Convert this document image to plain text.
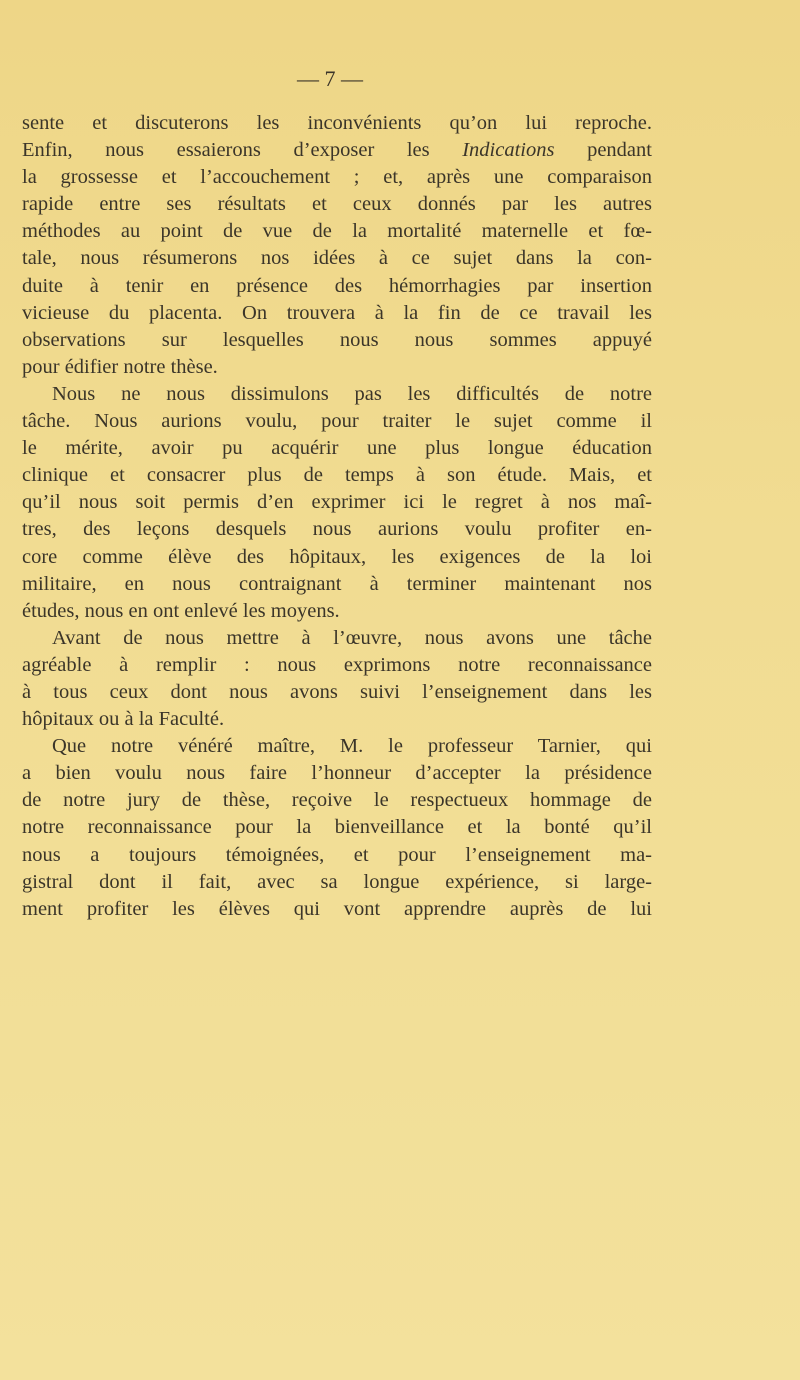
— 7 —
sente et discuterons les inconvénients qu’on lui reproche.
Enfin, nous essaierons d’exposer les Indications pendant
la grossesse et l’accouchement ; et, après une comparaison
rapide entre ses résultats et ceux donnés par les autres
méthodes au point de vue de la mortalité maternelle et fœ-
tale, nous résumerons nos idées à ce sujet dans la con-
duite à tenir en présence des hémorrhagies par insertion
vicieuse du placenta. On trouvera à la fin de ce travail les
observations sur lesquelles nous nous sommes appuyé
pour édifier notre thèse.
Nous ne nous dissimulons pas les difficultés de notre
tâche. Nous aurions voulu, pour traiter le sujet comme il
le mérite, avoir pu acquérir une plus longue éducation
clinique et consacrer plus de temps à son étude. Mais, et
qu’il nous soit permis d’en exprimer ici le regret à nos maî-
tres, des leçons desquels nous aurions voulu profiter en-
core comme élève des hôpitaux, les exigences de la loi
militaire, en nous contraignant à terminer maintenant nos
études, nous en ont enlevé les moyens.
Avant de nous mettre à l’œuvre, nous avons une tâche
agréable à remplir : nous exprimons notre reconnaissance
à tous ceux dont nous avons suivi l’enseignement dans les
hôpitaux ou à la Faculté.
Que notre vénéré maître, M. le professeur Tarnier, qui
a bien voulu nous faire l’honneur d’accepter la présidence
de notre jury de thèse, reçoive le respectueux hommage de
notre reconnaissance pour la bienveillance et la bonté qu’il
nous a toujours témoignées, et pour l’enseignement ma-
gistral dont il fait, avec sa longue expérience, si large-
ment profiter les élèves qui vont apprendre auprès de lui
